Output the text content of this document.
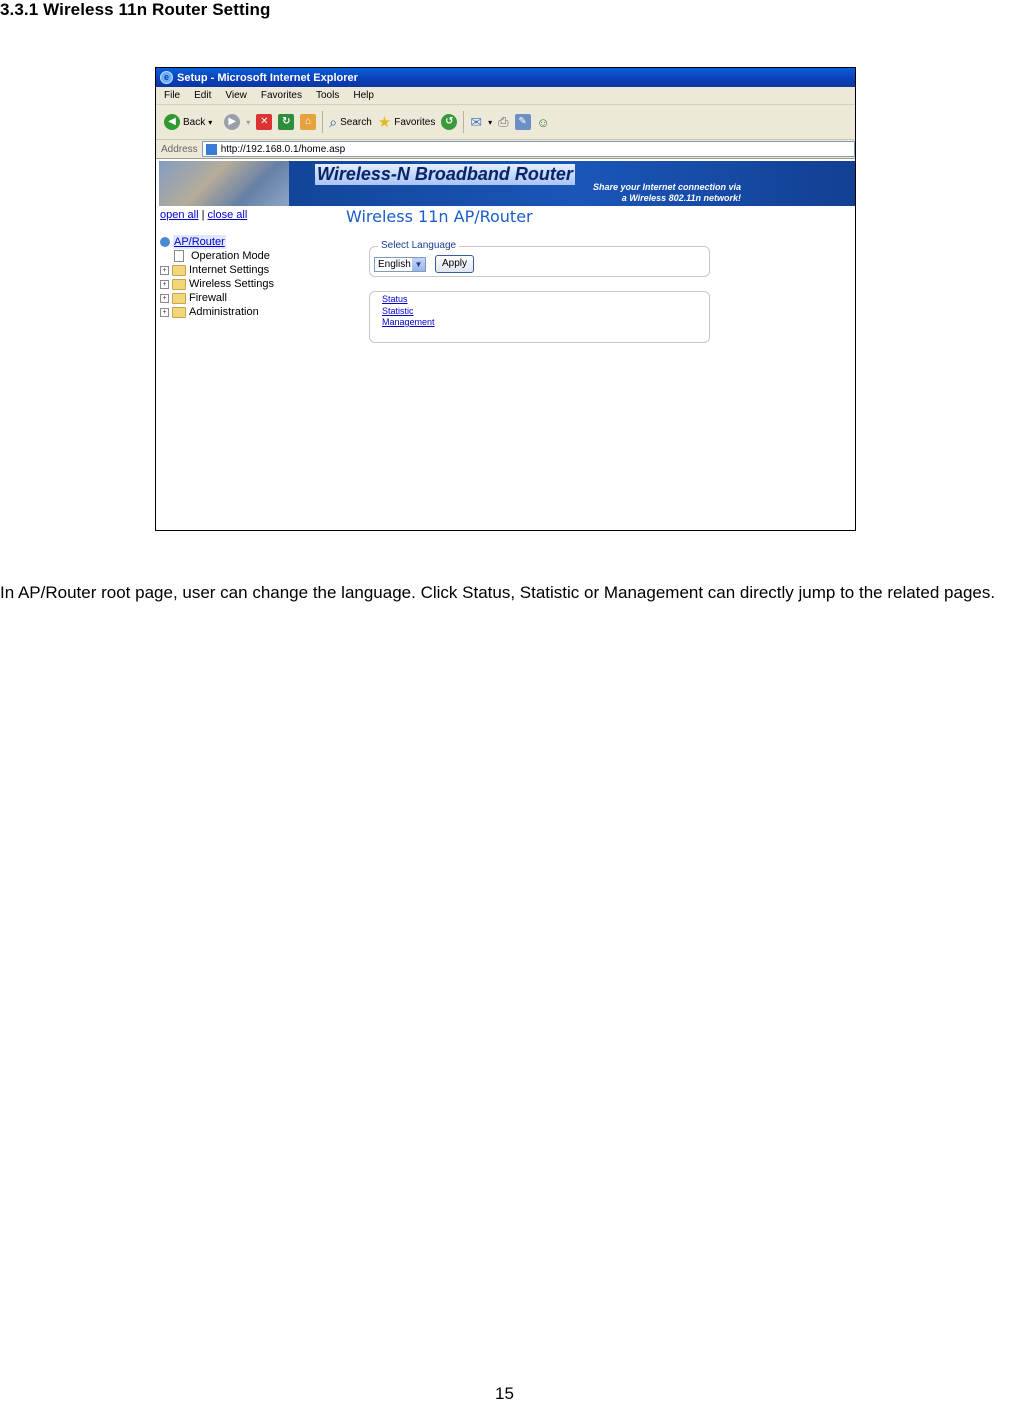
3.3.1 Wireless 11n Router Setting
e Setup - Microsoft Internet Explorer
File Edit View Favorites Tools Help
◀ Back ▾	▶	▾ ✕	↻	⌂	⌕ Search ★ Favorites ↺ ✉ ▾ ⎙ ✎ ☺
Address	http://192.168.0.1/home.asp
Wireless-N Broadband Router
Share your Internet connection via
a Wireless 802.11n network!
open all | close all
AP/Router
Operation Mode
+ Internet Settings
+ Wireless Settings
+ Firewall
+ Administration
Wireless 11n AP/Router
Select Language
English ▼	Apply
Status
Statistic
Management
In AP/Router root page, user can change the language. Click Status, Statistic or Management can directly jump to the related pages.
15
